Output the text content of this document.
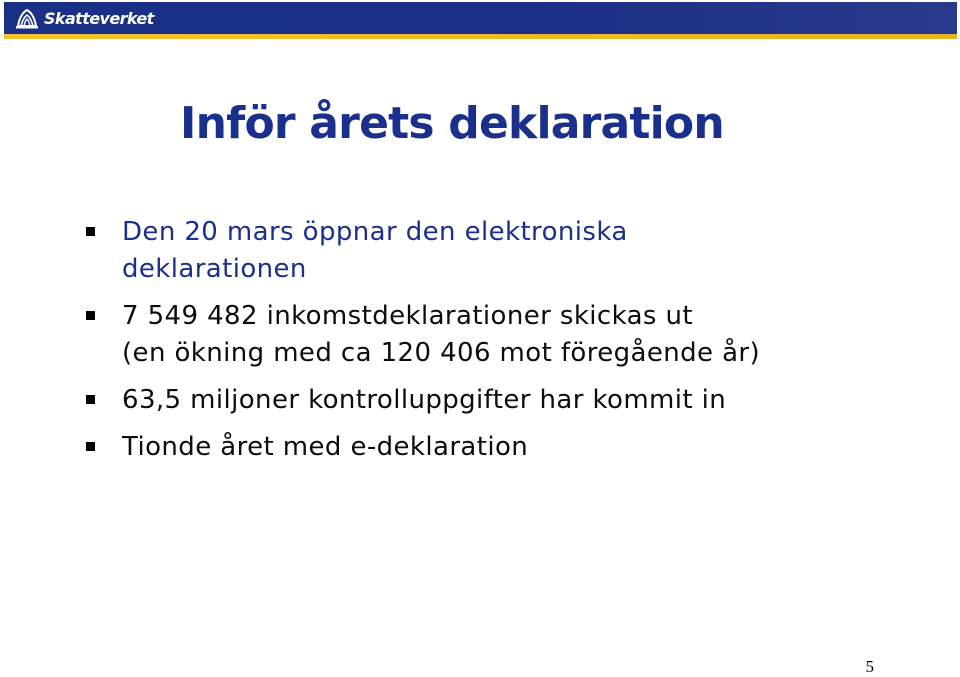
Skatteverket
Inför årets deklaration
Den 20 mars öppnar den elektroniska
deklarationen
7 549 482 inkomstdeklarationer skickas ut
(en ökning med ca 120 406 mot föregående år)
63,5 miljoner kontrolluppgifter har kommit in
Tionde året med e-deklaration
5
